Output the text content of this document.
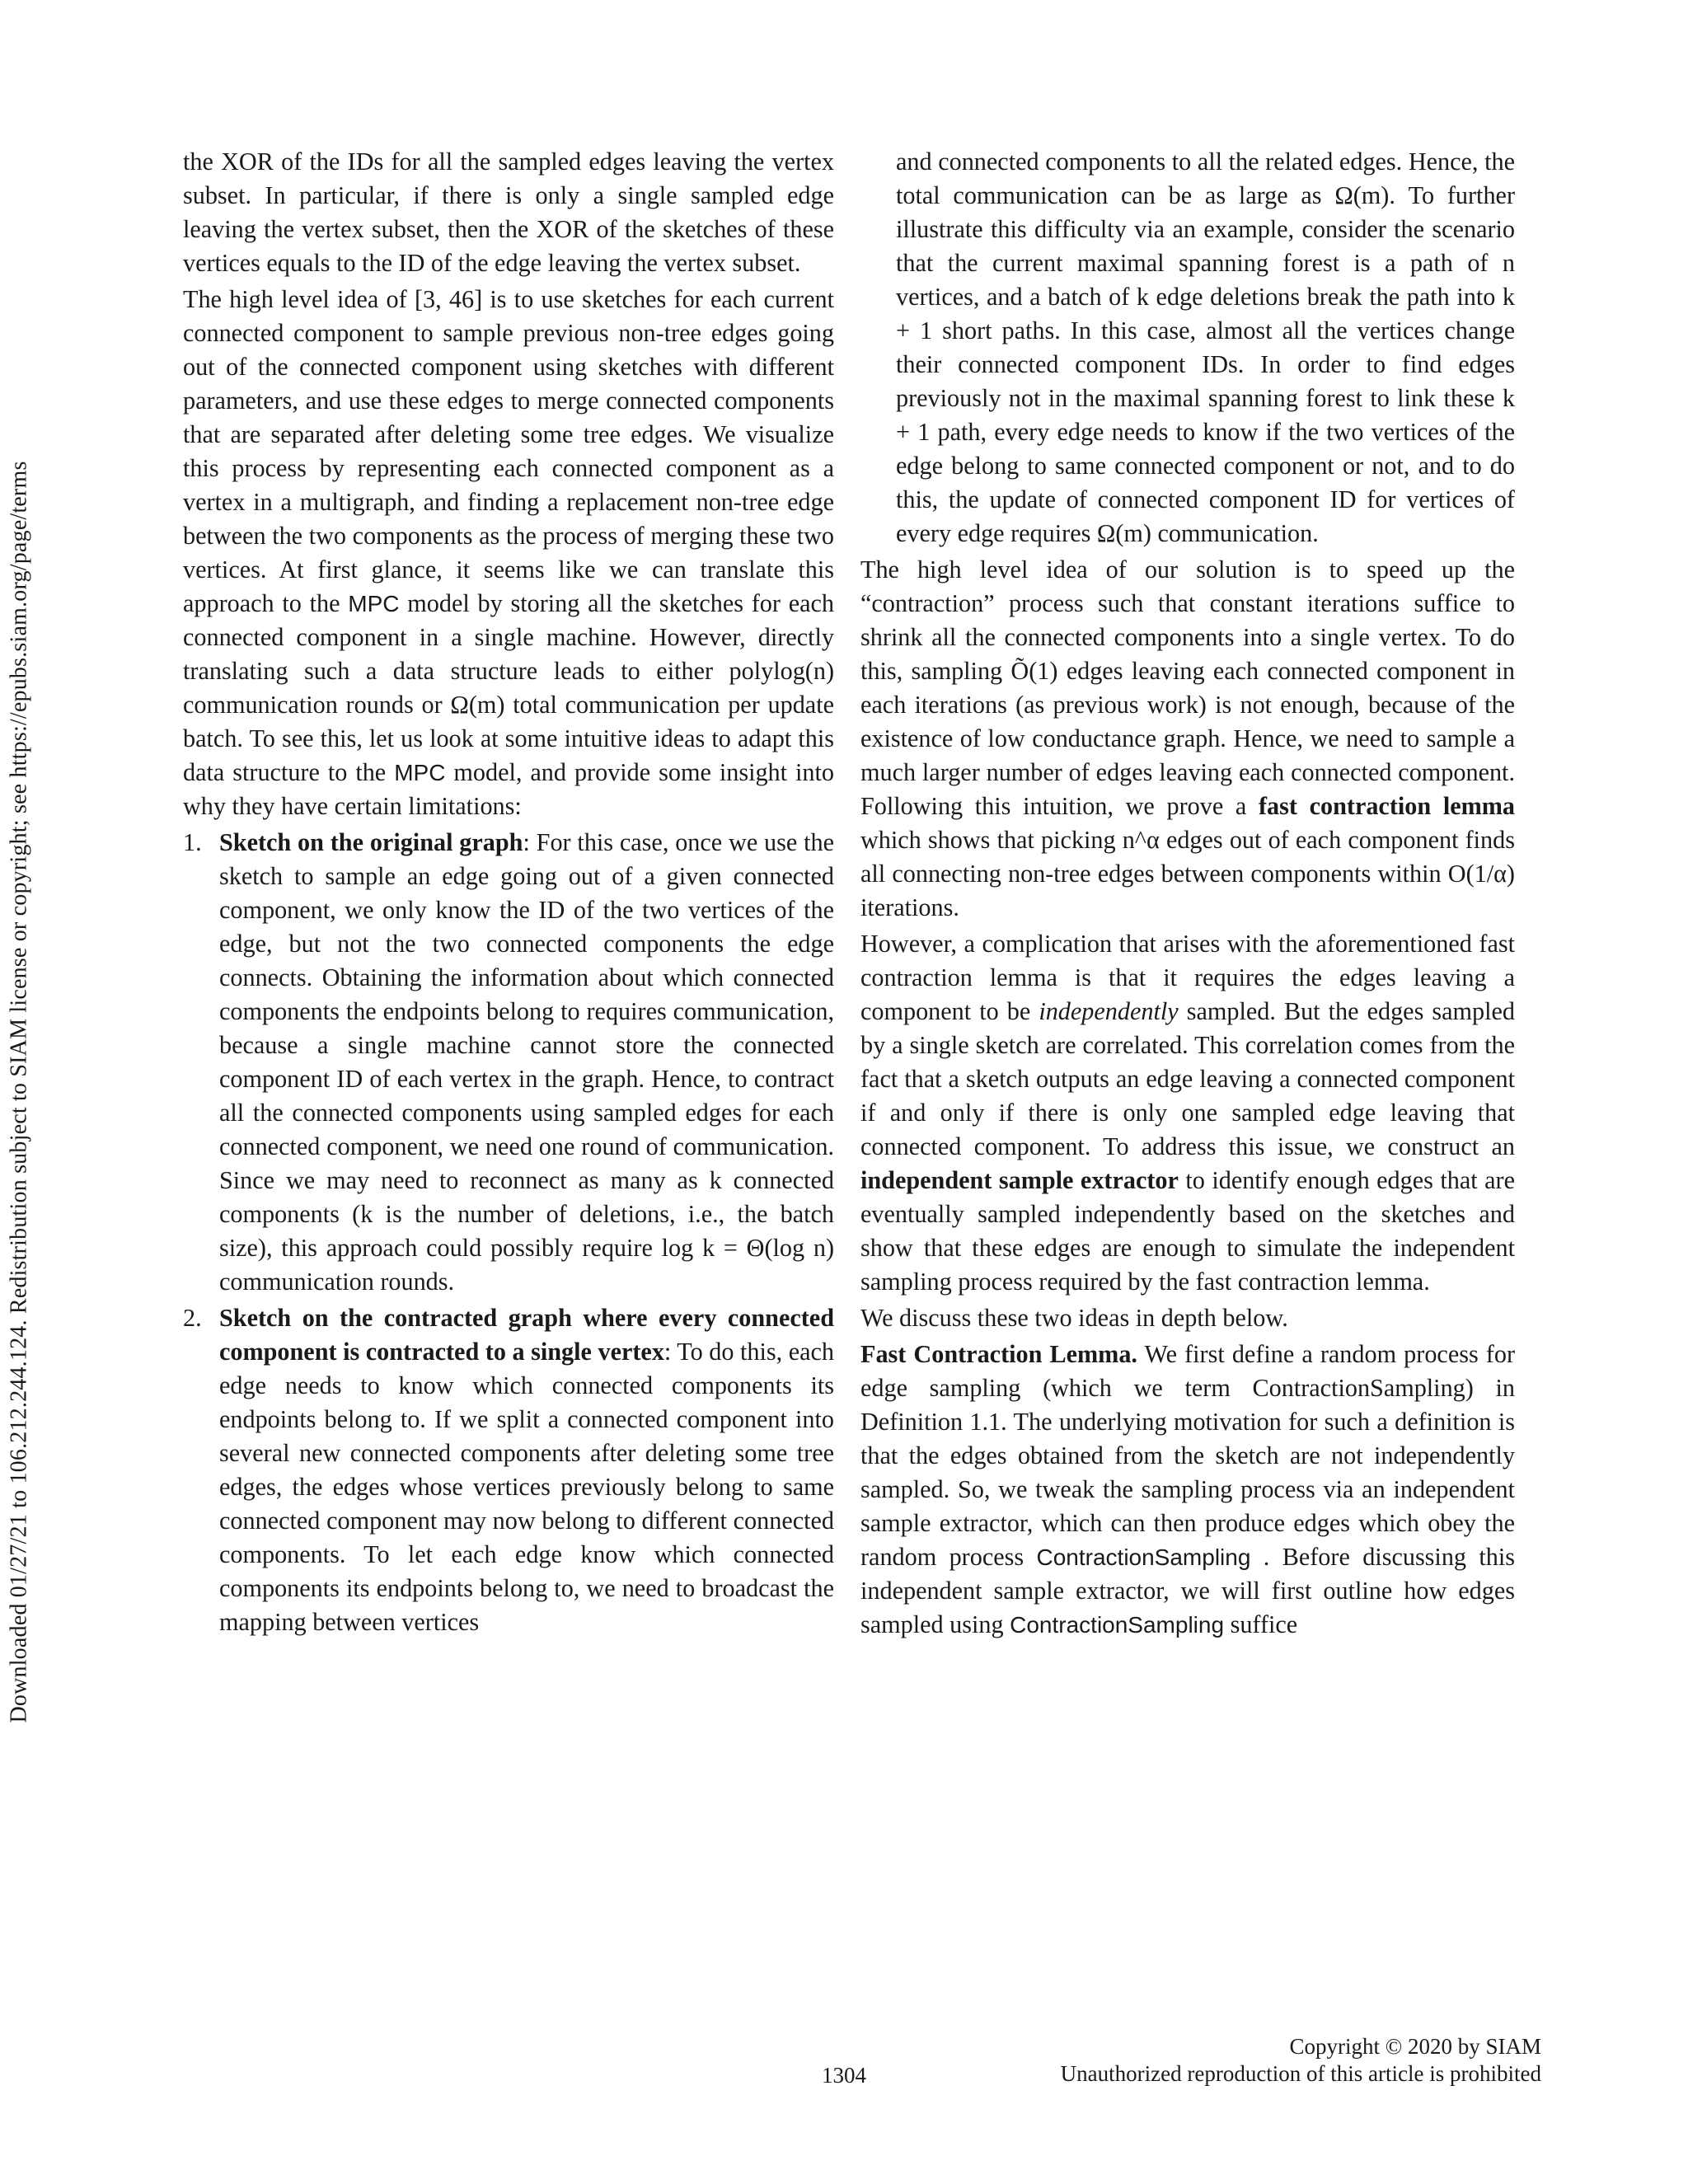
Downloaded 01/27/21 to 106.212.244.124. Redistribution subject to SIAM license or copyright; see https://epubs.siam.org/page/terms

the XOR of the IDs for all the sampled edges leaving the vertex subset. In particular, if there is only a single sampled edge leaving the vertex subset, then the XOR of the sketches of these vertices equals to the ID of the edge leaving the vertex subset.

The high level idea of [3, 46] is to use sketches for each current connected component to sample previous non-tree edges going out of the connected component using sketches with different parameters, and use these edges to merge connected components that are separated after deleting some tree edges. We visualize this process by representing each connected component as a vertex in a multigraph, and finding a replacement non-tree edge between the two components as the process of merging these two vertices. At first glance, it seems like we can translate this approach to the MPC model by storing all the sketches for each connected component in a single machine. However, directly translating such a data structure leads to either polylog(n) communication rounds or Ω(m) total communication per update batch. To see this, let us look at some intuitive ideas to adapt this data structure to the MPC model, and provide some insight into why they have certain limitations:

1. Sketch on the original graph: For this case, once we use the sketch to sample an edge going out of a given connected component, we only know the ID of the two vertices of the edge, but not the two connected components the edge connects. Obtaining the information about which connected components the endpoints belong to requires communication, because a single machine cannot store the connected component ID of each vertex in the graph. Hence, to contract all the connected components using sampled edges for each connected component, we need one round of communication. Since we may need to reconnect as many as k connected components (k is the number of deletions, i.e., the batch size), this approach could possibly require log k = Θ(log n) communication rounds.
2. Sketch on the contracted graph where every connected component is contracted to a single vertex: To do this, each edge needs to know which connected components its endpoints belong to. If we split a connected component into several new connected components after deleting some tree edges, the edges whose vertices previously belong to same connected component may now belong to different connected components. To let each edge know which connected components its endpoints belong to, we need to broadcast the mapping between vertices

and connected components to all the related edges. Hence, the total communication can be as large as Ω(m). To further illustrate this difficulty via an example, consider the scenario that the current maximal spanning forest is a path of n vertices, and a batch of k edge deletions break the path into k + 1 short paths. In this case, almost all the vertices change their connected component IDs. In order to find edges previously not in the maximal spanning forest to link these k + 1 path, every edge needs to know if the two vertices of the edge belong to same connected component or not, and to do this, the update of connected component ID for vertices of every edge requires Ω(m) communication.

The high level idea of our solution is to speed up the “contraction” process such that constant iterations suffice to shrink all the connected components into a single vertex. To do this, sampling Õ(1) edges leaving each connected component in each iterations (as previous work) is not enough, because of the existence of low conductance graph. Hence, we need to sample a much larger number of edges leaving each connected component. Following this intuition, we prove a fast contraction lemma which shows that picking n^α edges out of each component finds all connecting non-tree edges between components within O(1/α) iterations.

However, a complication that arises with the aforementioned fast contraction lemma is that it requires the edges leaving a component to be independently sampled. But the edges sampled by a single sketch are correlated. This correlation comes from the fact that a sketch outputs an edge leaving a connected component if and only if there is only one sampled edge leaving that connected component. To address this issue, we construct an independent sample extractor to identify enough edges that are eventually sampled independently based on the sketches and show that these edges are enough to simulate the independent sampling process required by the fast contraction lemma.

We discuss these two ideas in depth below.

Fast Contraction Lemma. We first define a random process for edge sampling (which we term ContractionSampling) in Definition 1.1. The underlying motivation for such a definition is that the edges obtained from the sketch are not independently sampled. So, we tweak the sampling process via an independent sample extractor, which can then produce edges which obey the random process ContractionSampling . Before discussing this independent sample extractor, we will first outline how edges sampled using ContractionSampling suffice

1304
Copyright © 2020 by SIAM
Unauthorized reproduction of this article is prohibited
